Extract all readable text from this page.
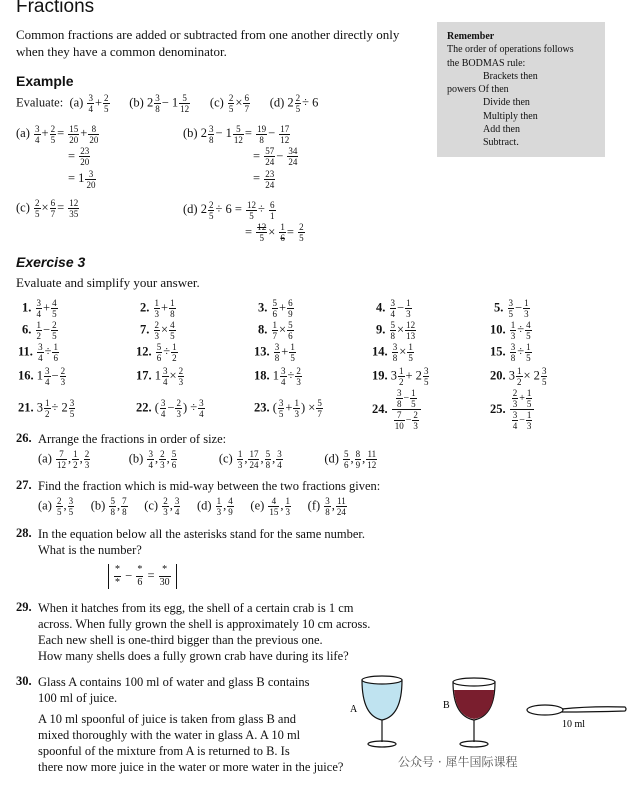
Fractions
Common fractions are added or subtracted from one another directly only when they have a common denominator.
Remember
The order of operations follows
the BODMAS rule:
Brackets then
powers Of then
Divide then
Multiply then
Add then
Subtract.
Example
Evaluate: $(a) \frac{3}{4} + \frac{2}{5} (b)$ $2 \frac{3}{8} - 1 \frac{5}{12} (c) \frac{2}{5} \times \frac{6}{7} (d)$ $2 \frac{2}{5} \div 6$
$(a) \frac{3}{4} + \frac{2}{5} = \frac{15}{20} + \frac{8}{20}$
= $\frac{23}{20}$
= $1 \frac{3}{20}$
(b) $2 \frac{3}{8} - 1 \frac{5}{12} = \frac{19}{8} - \frac{17}{12}$
= $\frac{57}{24} - \frac{34}{24}$
= $\frac{23}{24}$
$(c) \frac{2}{5} \times \frac{6}{7} = \frac{12}{35}$	(d) $2 \frac{2}{5} \div 6 = \frac{12}{5} \div \frac{6}{1}$
= $\frac{12}{5} \times \frac{1}{6} = \frac{2}{5}$
Exercise 3
Evaluate and simplify your answer.
1. $\frac{3}{4} + \frac{4}{5}$	2. $\frac{1}{3} + \frac{1}{8}$	3. $\frac{5}{6} + \frac{6}{9}$	4. $\frac{3}{4} - \frac{1}{3}$	5. $\frac{3}{5} - \frac{1}{3}$
6. $\frac{1}{2} - \frac{2}{5}$	7. $\frac{2}{3} \times \frac{4}{5}$	8. $\frac{1}{7} \times \frac{5}{6}$	9. $\frac{5}{8} \times \frac{12}{13}$	10. $\frac{1}{3} \div \frac{4}{5}$
11. $\frac{3}{4} \div \frac{1}{6}$	12. $\frac{5}{6} \div \frac{1}{2}$	13. $\frac{3}{8} + \frac{1}{5}$	14. $\frac{3}{8} \times \frac{1}{5}$	15. $\frac{3}{8} \div \frac{1}{5}$
16. $1 \frac{3}{4} - \frac{2}{3}$	17. $1 \frac{3}{4} \times \frac{2}{3}$	18. $1 \frac{3}{4} \div \frac{2}{3}$	19. $3 \frac{1}{2} + 2 \frac{3}{5}$	20. $3 \frac{1}{2} \times 2 \frac{3}{5}$
21. $3 \frac{1}{2} \div 2 \frac{3}{5}$	22. ( $\frac{3}{4} - \frac{2}{3}$ ) ÷ $\frac{3}{4}$	23. ( $\frac{3}{5} + \frac{1}{3}$ ) × $\frac{5}{7}$	24. $\frac{\frac{3}{8} - \frac{1}{5}}{\frac{7}{10} - \frac{2}{3}}$	25. $\frac{\frac{2}{3} + \frac{1}{5}}{\frac{3}{4} - \frac{1}{3}}$
26. Arrange the fractions in order of size:
$(a) \frac{7}{12}$ , $\frac{1}{2}$ , $\frac{2}{3} (b) \frac{3}{4}$ , $\frac{2}{3}$ , $\frac{5}{6} (c) \frac{1}{3}$ , $\frac{17}{24}$ , $\frac{5}{8}$ , $\frac{3}{4} (d) \frac{5}{6}$ , $\frac{8}{9}$ , $\frac{11}{12}$
27. Find the fraction which is mid-way between the two fractions given:
$(a) \frac{2}{5}$ , $\frac{3}{5} (b) \frac{5}{8}$ , $\frac{7}{8} (c) \frac{2}{3}$ , $\frac{3}{4} (d) \frac{1}{3}$ , $\frac{4}{9} (e) \frac{4}{15}$ , $\frac{1}{3} (f) \frac{3}{8}$ , $\frac{11}{24}$
28. In the equation below all the asterisks stand for the same number.
What is the number?
*
*
− *
6
= *
30
29. When it hatches from its egg, the shell of a certain crab is 1 cm
across. When fully grown the shell is approximately 10 cm across.
Each new shell is one-third bigger than the previous one.
How many shells does a fully grown crab have during its life?
30. Glass A contains 100 ml of water and glass B contains
100 ml of juice.
A 10 ml spoonful of juice is taken from glass B and
mixed thoroughly with the water in glass A. A 10 ml
spoonful of the mixture from A is returned to B. Is
there now more juice in the water or more water in the juice?
A	B
10 ml
公众号 · 犀牛国际课程
